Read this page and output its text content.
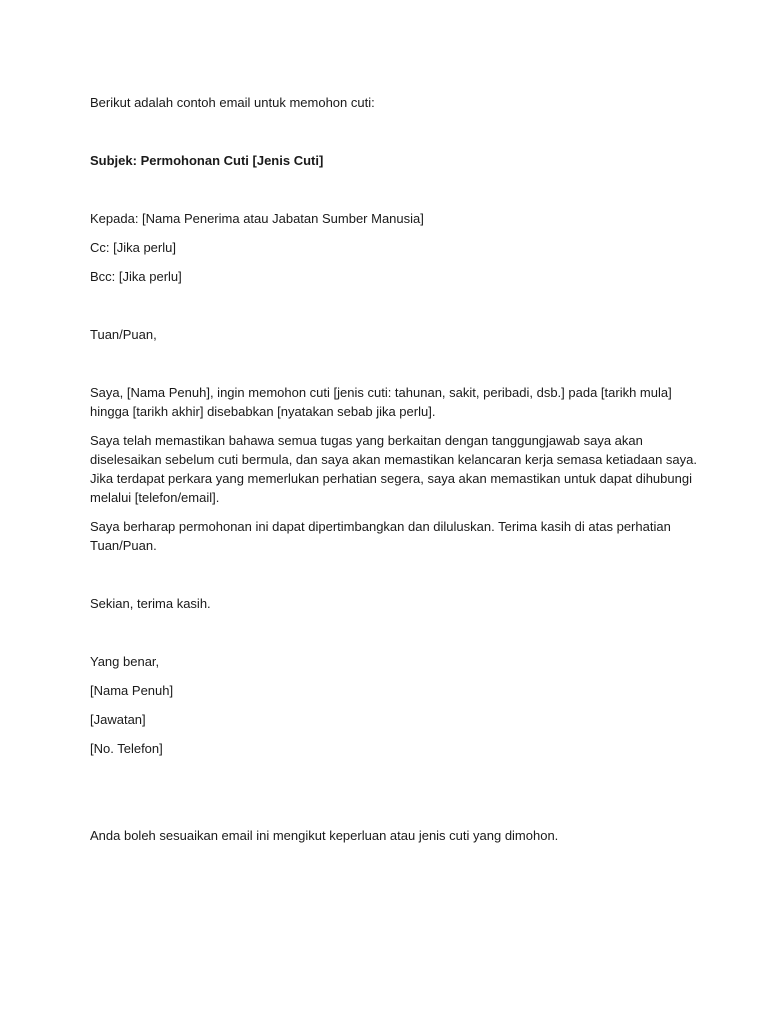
Berikut adalah contoh email untuk memohon cuti:

Subjek: Permohonan Cuti [Jenis Cuti]

Kepada: [Nama Penerima atau Jabatan Sumber Manusia]

Cc: [Jika perlu]

Bcc: [Jika perlu]

Tuan/Puan,

Saya, [Nama Penuh], ingin memohon cuti [jenis cuti: tahunan, sakit, peribadi, dsb.] pada [tarikh mula]

hingga [tarikh akhir] disebabkan [nyatakan sebab jika perlu].

Saya telah memastikan bahawa semua tugas yang berkaitan dengan tanggungjawab saya akan

diselesaikan sebelum cuti bermula, dan saya akan memastikan kelancaran kerja semasa ketiadaan saya.

Jika terdapat perkara yang memerlukan perhatian segera, saya akan memastikan untuk dapat dihubungi

melalui [telefon/email].

Saya berharap permohonan ini dapat dipertimbangkan dan diluluskan. Terima kasih di atas perhatian

Tuan/Puan.

Sekian, terima kasih.

Yang benar,

[Nama Penuh]

[Jawatan]

[No. Telefon]

Anda boleh sesuaikan email ini mengikut keperluan atau jenis cuti yang dimohon.
